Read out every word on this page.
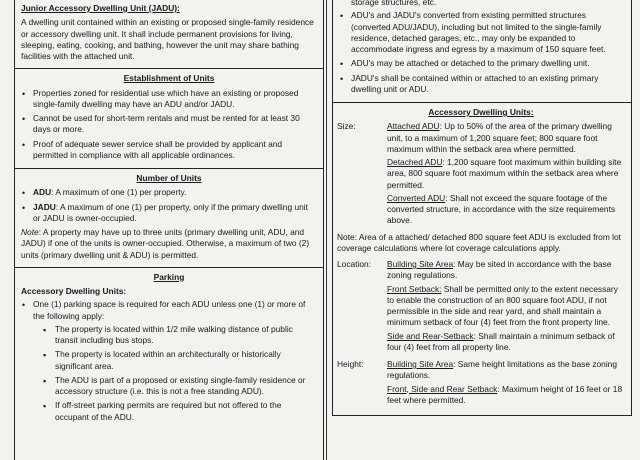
Junior Accessory Dwelling Unit (JADU):

A dwelling unit contained within an existing or proposed single-family residence or accessory dwelling unit. It shall include permanent provisions for living, sleeping, eating, cooking, and bathing, however the unit may share bathing facilities with the attached unit.

Establishment of Units

• Properties zoned for residential use which have an existing or proposed single-family dwelling may have an ADU and/or JADU.
• Cannot be used for short-term rentals and must be rented for at least 30 days or more.
• Proof of adequate sewer service shall be provided by applicant and permitted in compliance with all applicable ordinances.

Number of Units

• ADU: A maximum of one (1) per property.
• JADU: A maximum of one (1) per property, only if the primary dwelling unit or JADU is owner-occupied.

Note: A property may have up to three units (primary dwelling unit, ADU, and JADU) if one of the units is owner-occupied. Otherwise, a maximum of two (2) units (primary dwelling unit & ADU) is permitted.

Parking

Accessory Dwelling Units:

• One (1) parking space is required for each ADU unless one (1) or more of the following apply:
▪ The property is located within 1/2 mile walking distance of public transit including bus stops.
▪ The property is located within an architecturally or historically significant area.
▪ The ADU is part of a proposed or existing single-family residence or accessory structure (i.e. this is not a free standing ADU).
▪ If off-street parking permits are required but not offered to the occupant of the ADU.

storage structures, etc.

• ADU's and JADU's converted from existing permitted structures (converted ADU/JADU), including but not limited to the single-family residence, detached garages, etc., may only be expanded to accommodate ingress and egress by a maximum of 150 square feet.
• ADU's may be attached or detached to the primary dwelling unit.
• JADU's shall be contained within or attached to an existing primary dwelling unit or ADU.

Accessory Dwelling Units:

Size:	Attached ADU: Up to 50% of the area of the primary dwelling unit, to a maximum of 1,200 square feet; 800 square foot maximum within the setback area where permitted.

Detached ADU: 1,200 square foot maximum within building site area, 800 square foot maximum within the setback area where permitted.

Converted ADU: Shall not exceed the square footage of the converted structure, in accordance with the size requirements above.

Note: Area of a attached/ detached 800 square feet ADU is excluded from lot coverage calculations where lot coverage calculations apply.

Location:	Building Site Area: May be sited in accordance with the base zoning regulations.

Front Setback: Shall be permitted only to the extent necessary to enable the construction of an 800 square foot ADU, if not permissible in the side and rear yard, and shall maintain a minimum setback of four (4) feet from the front property line.

Side and Rear-Setback: Shall maintain a minimum setback of four (4) feet from all property line.

Height:	Building Site Area: Same height limitations as the base zoning regulations.

Front, Side and Rear Setback: Maximum height of 16 feet or 18 feet where permitted.
